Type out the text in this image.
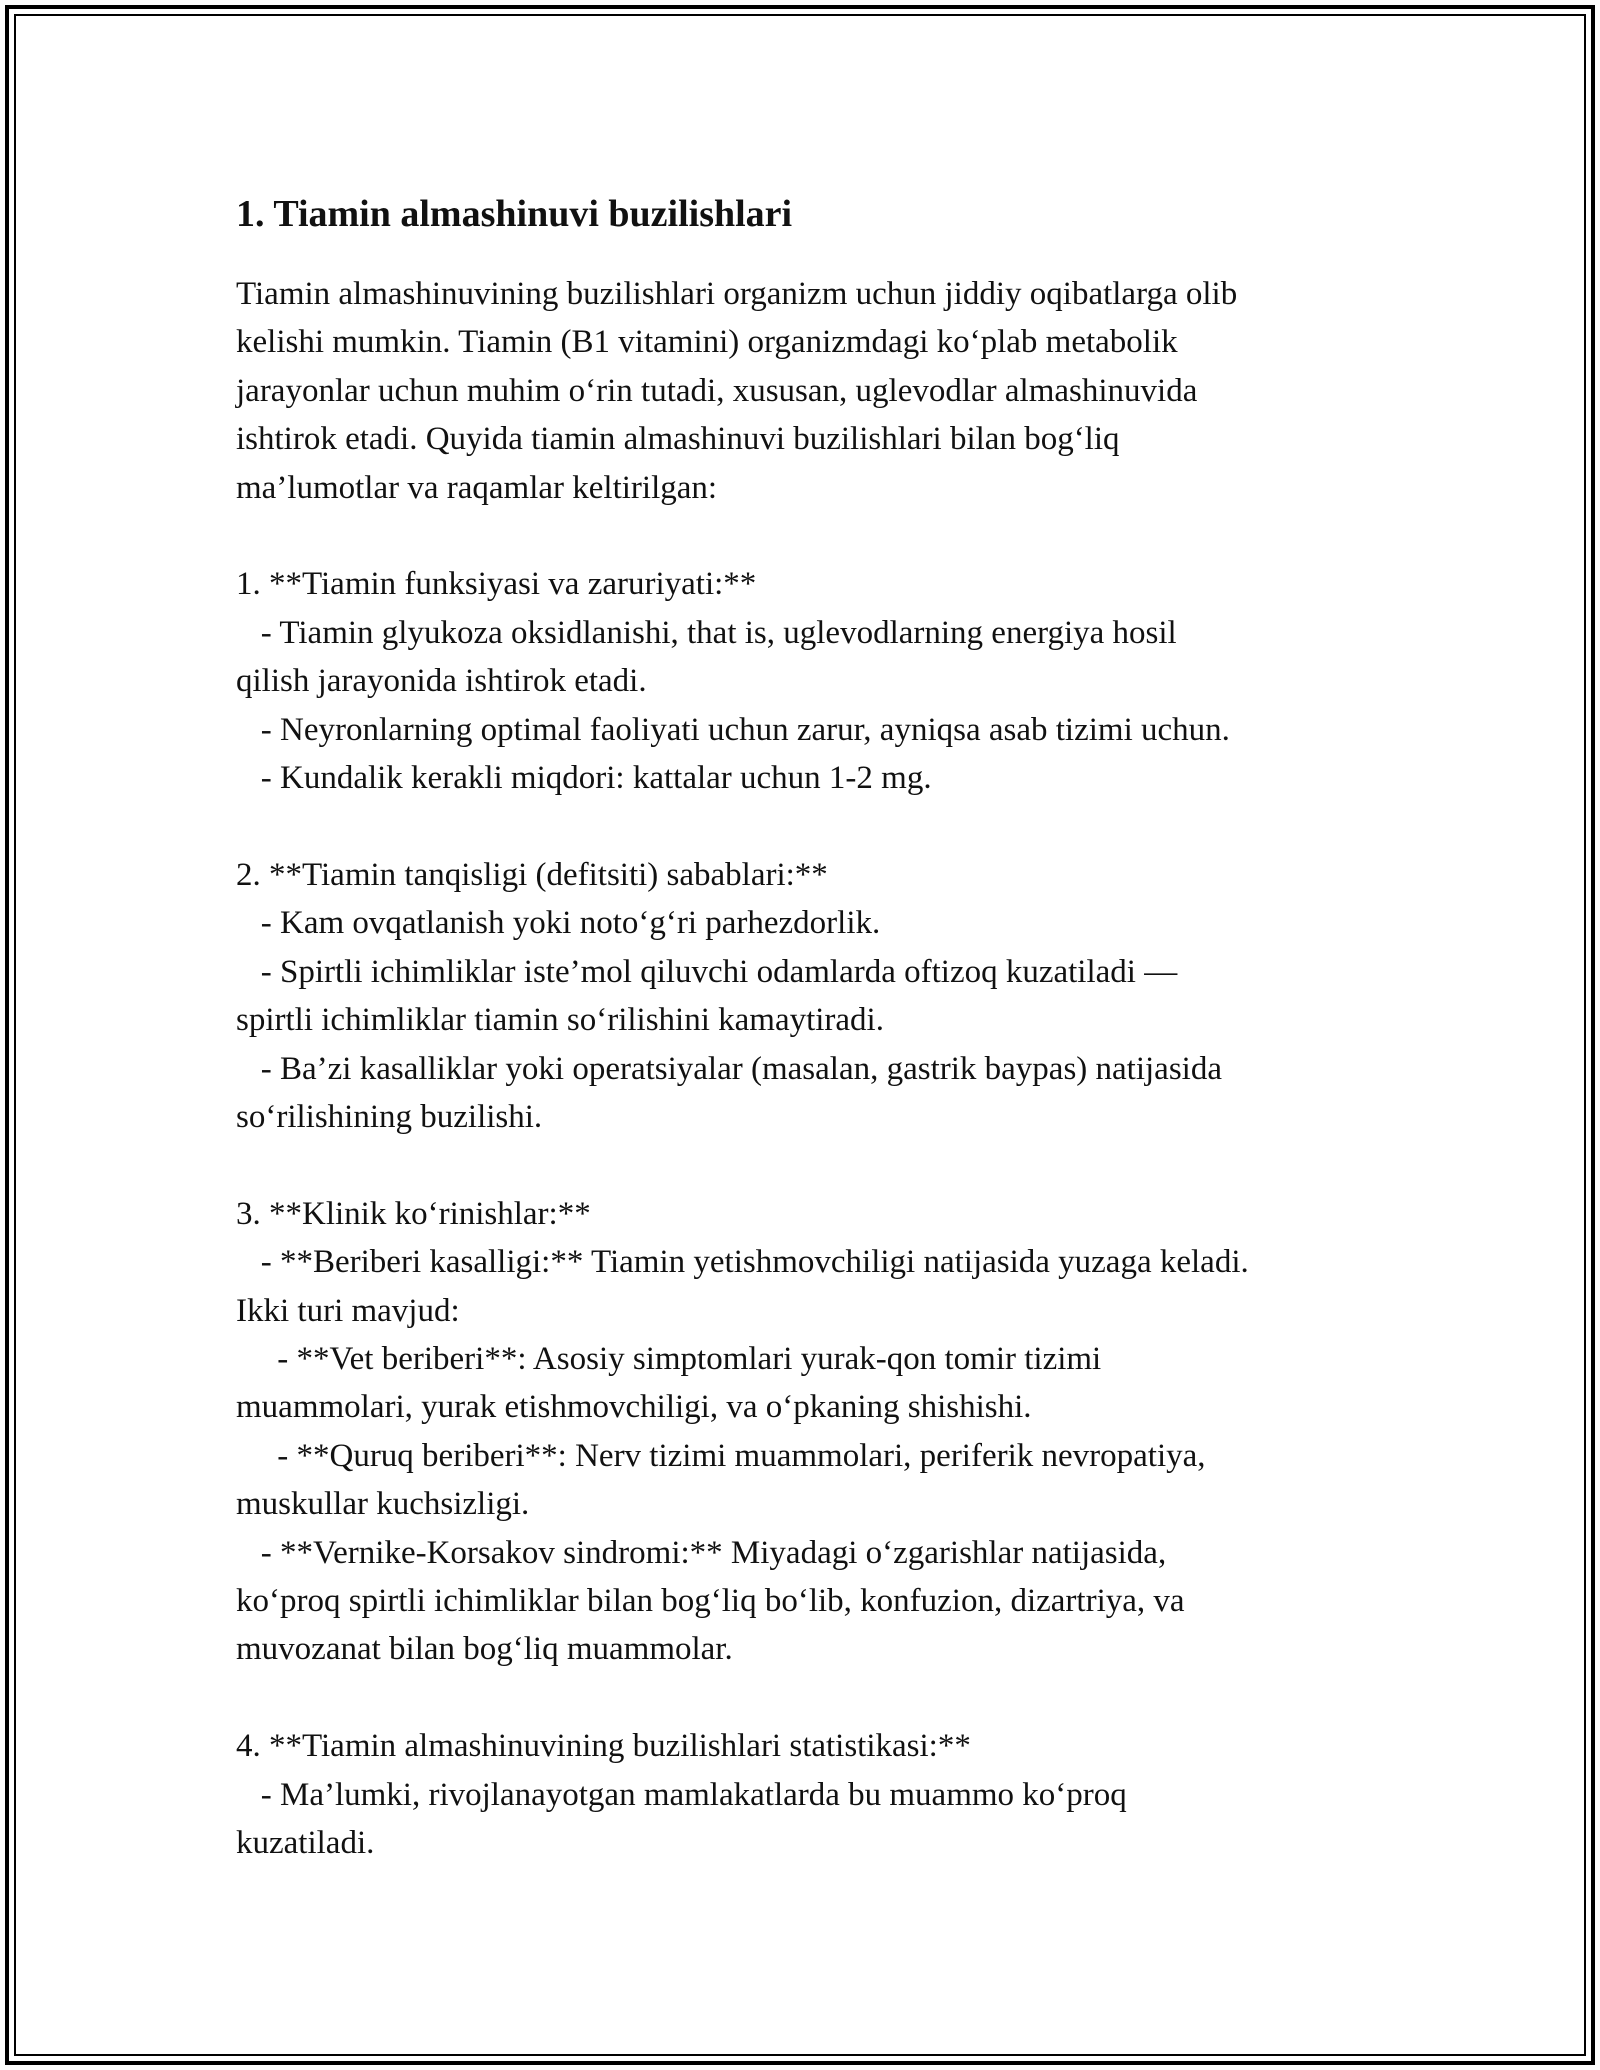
1. Tiamin almashinuvi buzilishlari

Tiamin almashinuvining buzilishlari organizm uchun jiddiy oqibatlarga olib
kelishi mumkin. Tiamin (B1 vitamini) organizmdagi ko‘plab metabolik
jarayonlar uchun muhim o‘rin tutadi, xususan, uglevodlar almashinuvida
ishtirok etadi. Quyida tiamin almashinuvi buzilishlari bilan bog‘liq
ma’lumotlar va raqamlar keltirilgan:

1. **Tiamin funksiyasi va zaruriyati:**
- Tiamin glyukoza oksidlanishi, that is, uglevodlarning energiya hosil
qilish jarayonida ishtirok etadi.
- Neyronlarning optimal faoliyati uchun zarur, ayniqsa asab tizimi uchun.
- Kundalik kerakli miqdori: kattalar uchun 1-2 mg.

2. **Tiamin tanqisligi (defitsiti) sabablari:**
- Kam ovqatlanish yoki noto‘g‘ri parhezdorlik.
- Spirtli ichimliklar iste’mol qiluvchi odamlarda oftizoq kuzatiladi —
spirtli ichimliklar tiamin so‘rilishini kamaytiradi.
- Ba’zi kasalliklar yoki operatsiyalar (masalan, gastrik baypas) natijasida
so‘rilishining buzilishi.

3. **Klinik ko‘rinishlar:**
- **Beriberi kasalligi:** Tiamin yetishmovchiligi natijasida yuzaga keladi.
Ikki turi mavjud:
- **Vet beriberi**: Asosiy simptomlari yurak-qon tomir tizimi
muammolari, yurak etishmovchiligi, va o‘pkaning shishishi.
- **Quruq beriberi**: Nerv tizimi muammolari, periferik nevropatiya,
muskullar kuchsizligi.
- **Vernike-Korsakov sindromi:** Miyadagi o‘zgarishlar natijasida,
ko‘proq spirtli ichimliklar bilan bog‘liq bo‘lib, konfuzion, dizartriya, va
muvozanat bilan bog‘liq muammolar.

4. **Tiamin almashinuvining buzilishlari statistikasi:**
- Ma’lumki, rivojlanayotgan mamlakatlarda bu muammo ko‘proq
kuzatiladi.
